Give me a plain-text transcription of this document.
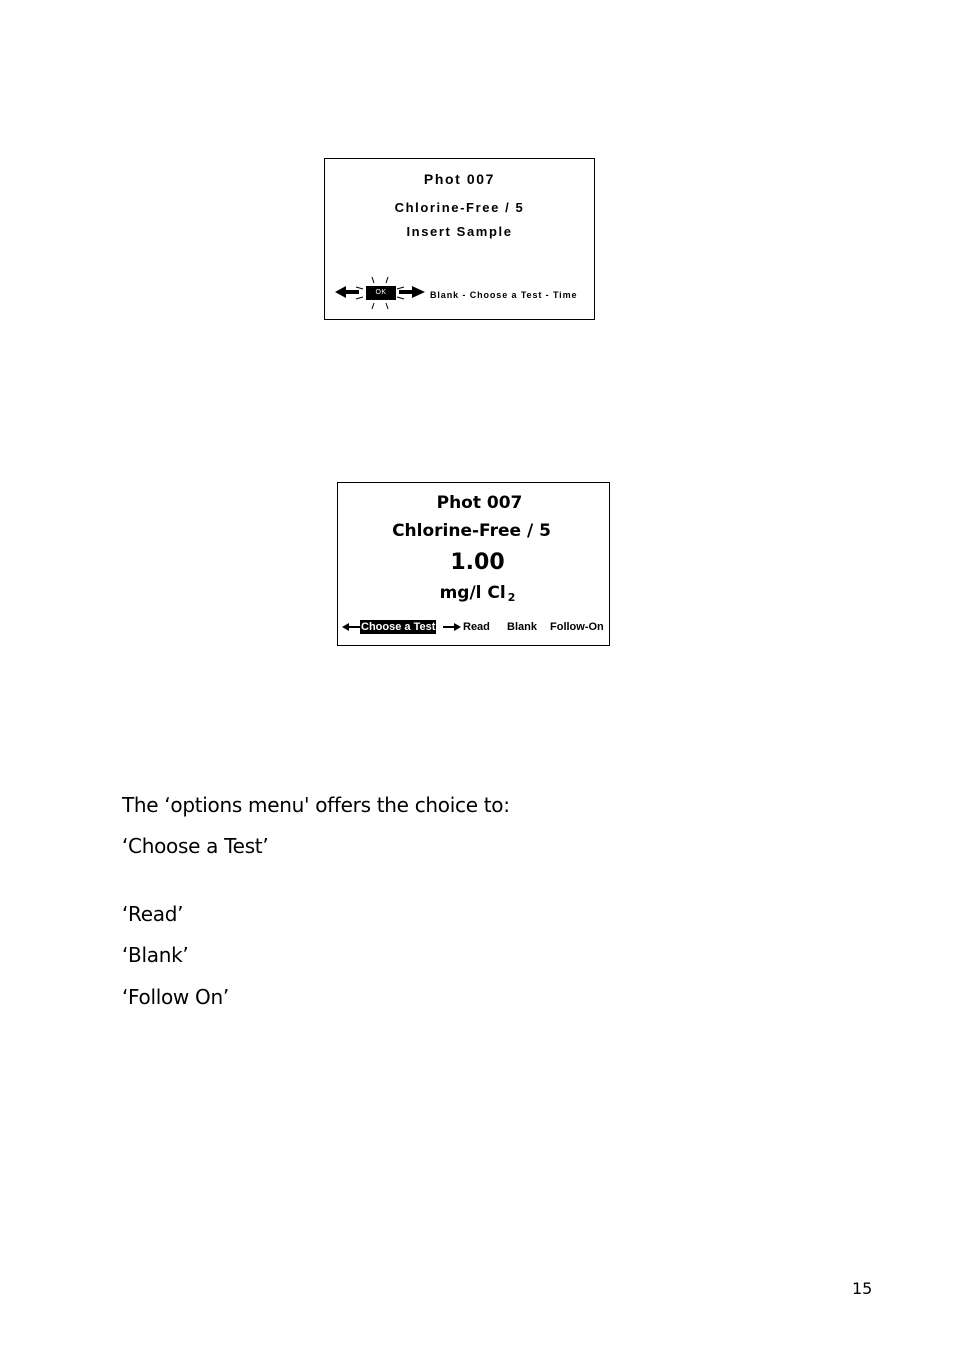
Phot 007
Chlorine-Free / 5
Insert Sample
OK	Blank - Choose a Test - Time
Phot 007
Chlorine-Free / 5
1.00
mg/l Cl $_2$
Choose a Test	Read Blank Follow-On
The ‘options menu' offers the choice to:
‘Choose a Test’
‘Read’
‘Blank’
‘Follow On’
15
